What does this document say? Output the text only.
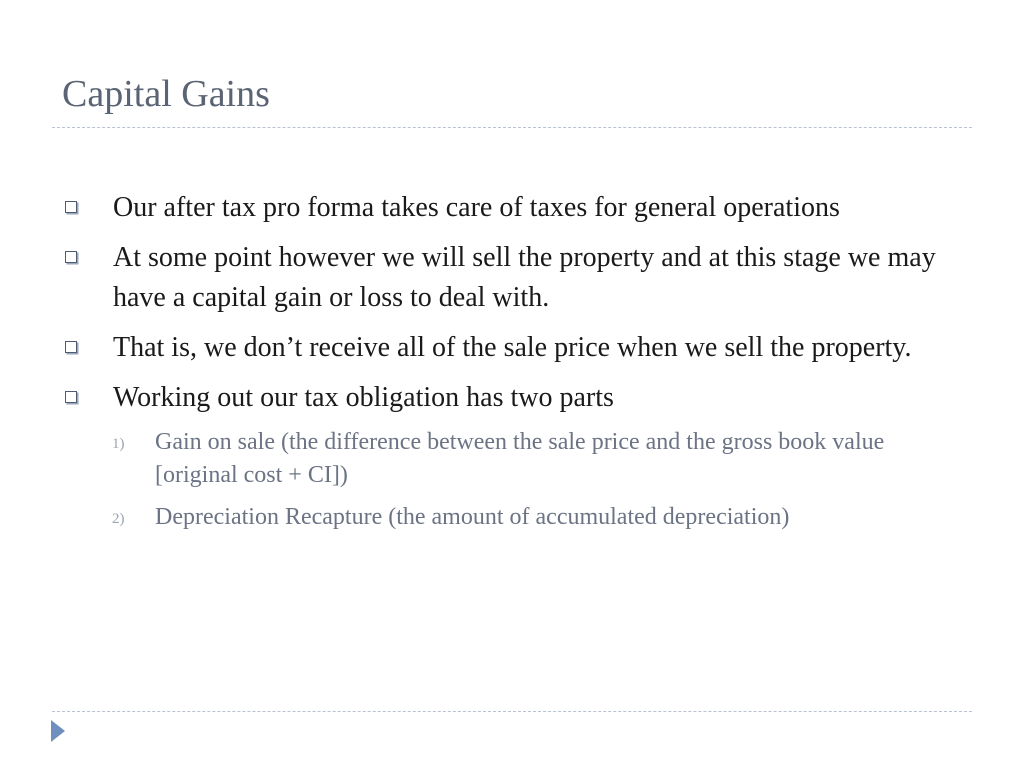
Capital Gains
Our after tax pro forma takes care of taxes for general operations
At some point however we will sell the property and at this stage we may have a capital gain or loss to deal with.
That is, we don’t receive all of the sale price when we sell the property.
Working out our tax obligation has two parts
1) Gain on sale (the difference between the sale price and the gross book value [original cost + CI])
2) Depreciation Recapture (the amount of accumulated depreciation)
